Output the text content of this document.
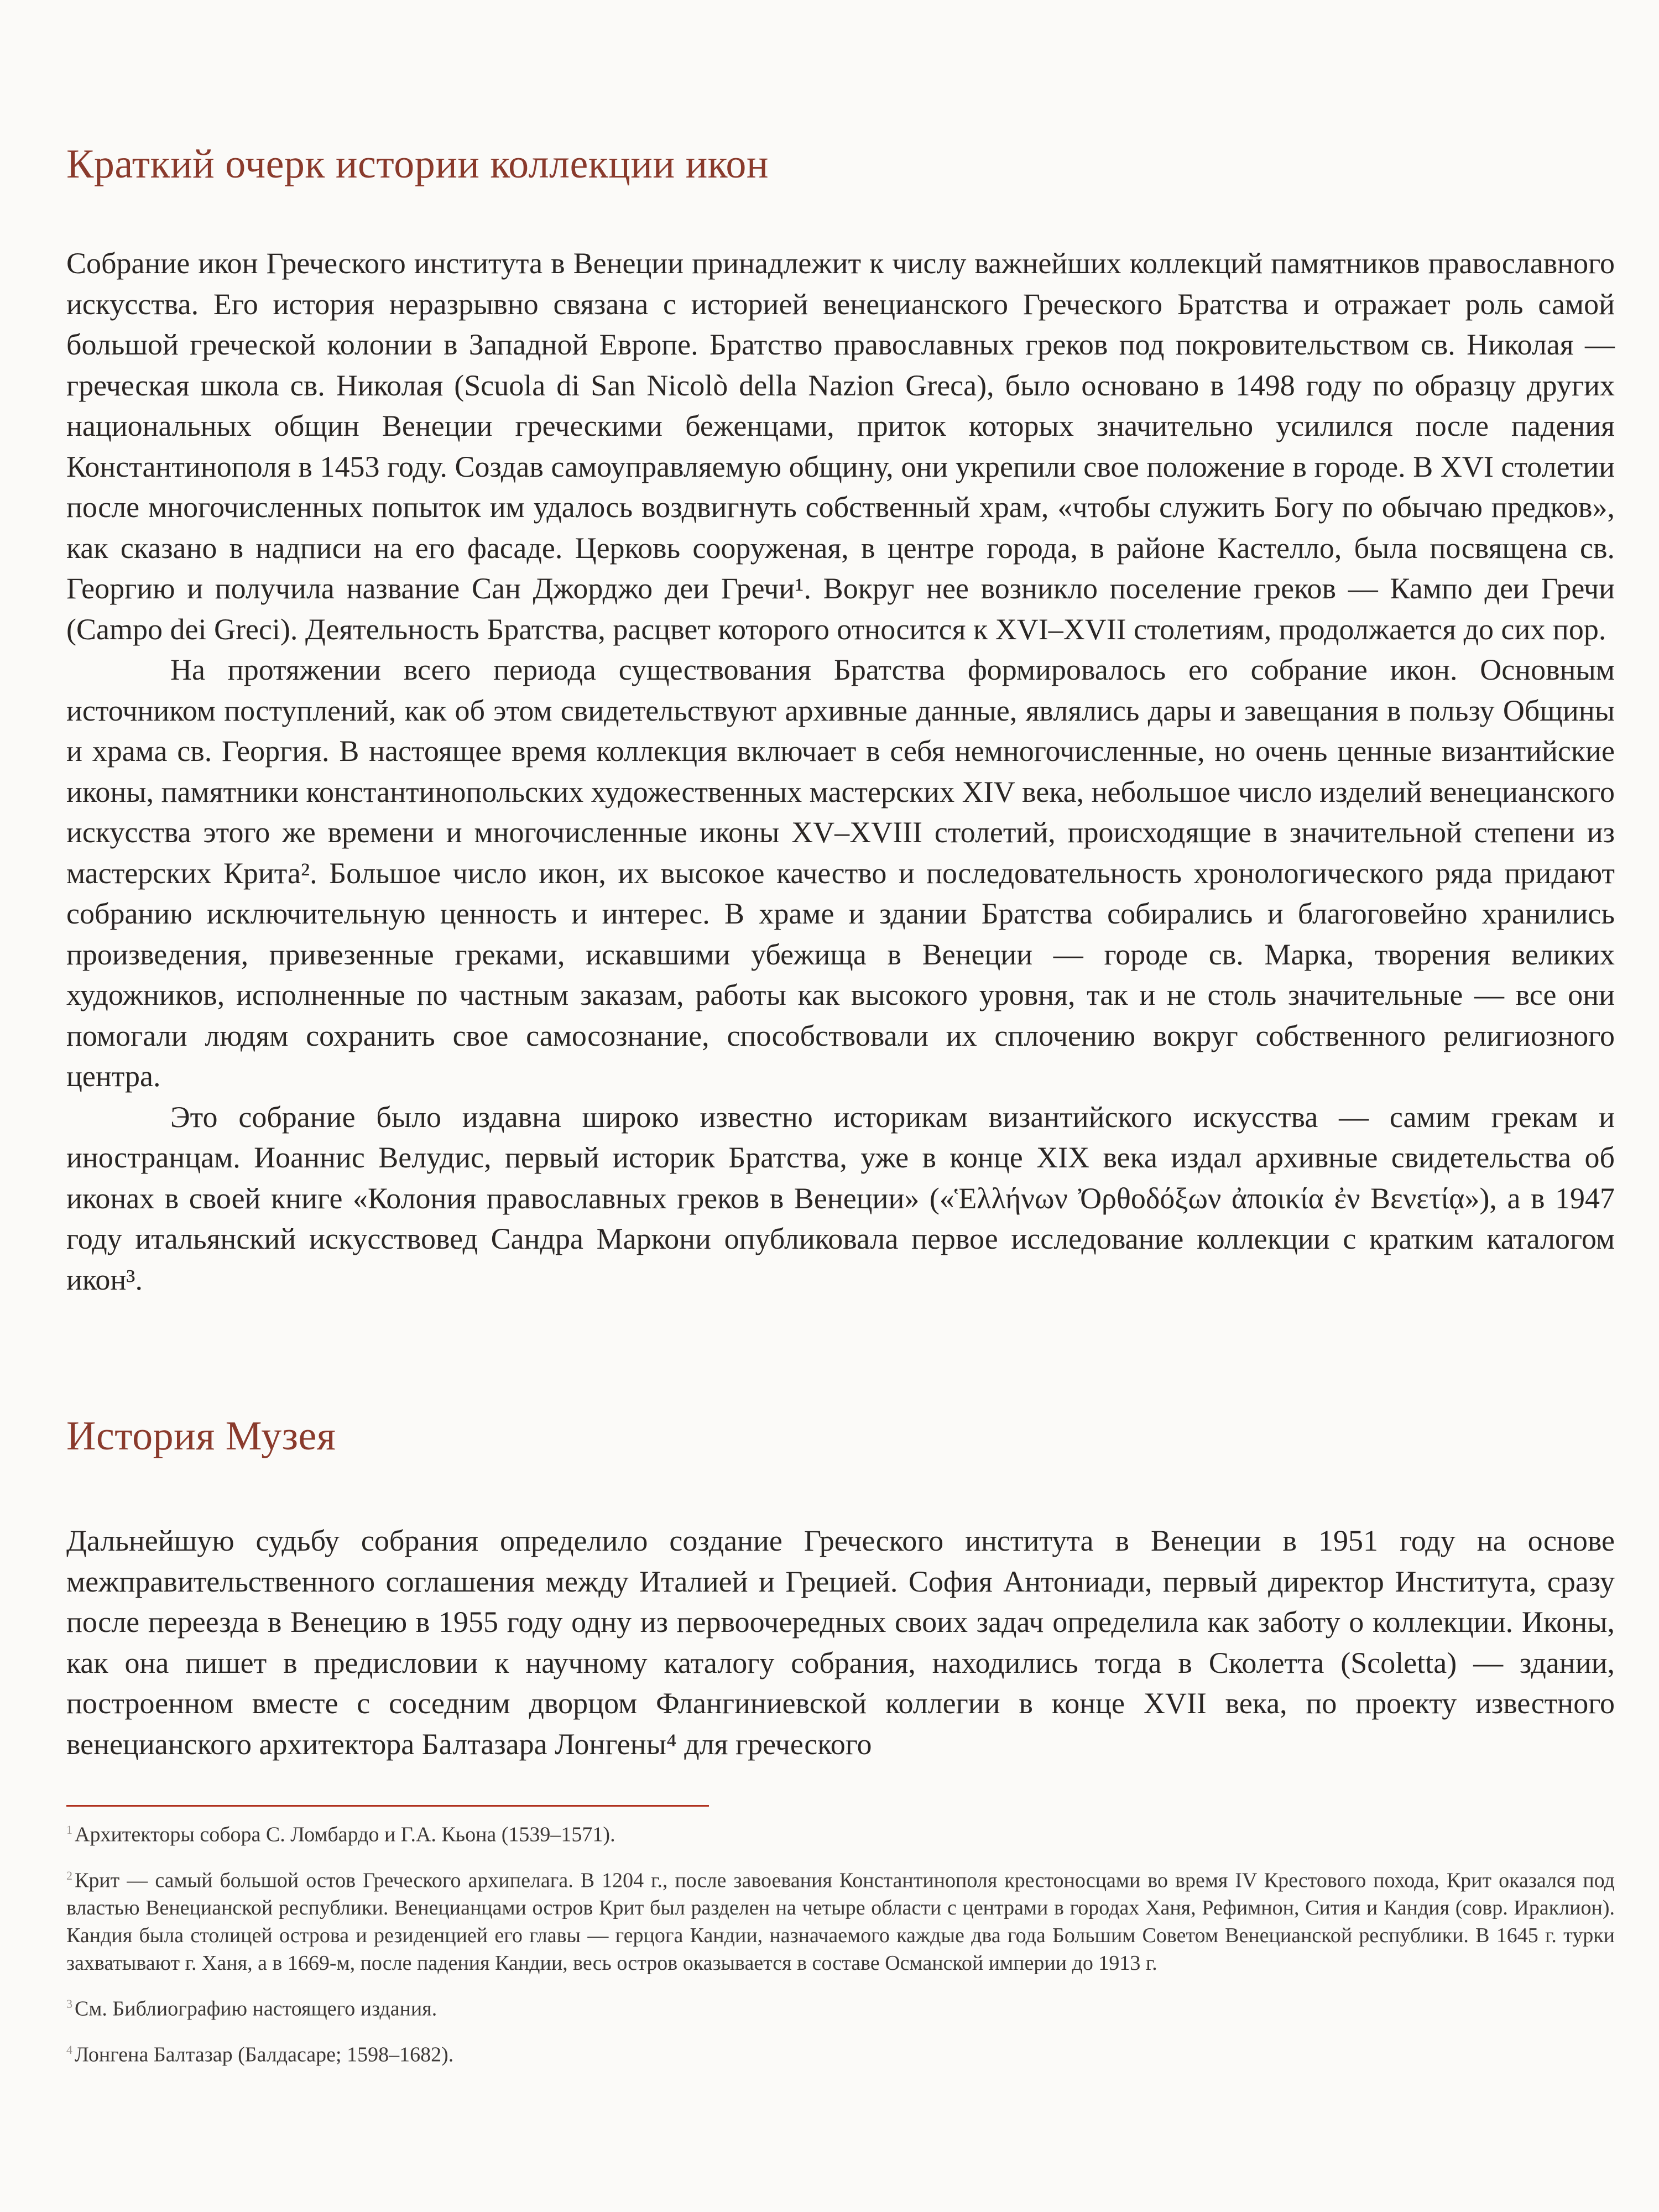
Краткий очерк истории коллекции икон

Собрание икон Греческого института в Венеции принадлежит к числу важнейших коллекций памятников православного искусства. Его история неразрывно связана с историей венецианского Греческого Братства и отражает роль самой большой греческой колонии в Западной Европе. Братство православных греков под покровительством св. Николая — греческая школа св. Николая (Scuola di San Nicolò della Nazion Greca), было основано в 1498 году по образцу других национальных общин Венеции греческими беженцами, приток которых значительно усилился после падения Константинополя в 1453 году. Создав самоуправляемую общину, они укрепили свое положение в городе. В XVI столетии после многочисленных попыток им удалось воздвигнуть собственный храм, «чтобы служить Богу по обычаю предков», как сказано в надписи на его фасаде. Церковь сооруженая, в центре города, в районе Кастелло, была посвящена св. Георгию и получила название Сан Джорджо деи Гречи¹. Вокруг нее возникло поселение греков — Кампо деи Гречи (Campo dei Greci). Деятельность Братства, расцвет которого относится к XVI–XVII столетиям, продолжается до сих пор.

На протяжении всего периода существования Братства формировалось его собрание икон. Основным источником поступлений, как об этом свидетельствуют архивные данные, являлись дары и завещания в пользу Общины и храма св. Георгия. В настоящее время коллекция включает в себя немногочисленные, но очень ценные византийские иконы, памятники константинопольских художественных мастерских XIV века, небольшое число изделий венецианского искусства этого же времени и многочисленные иконы XV–XVIII столетий, происходящие в значительной степени из мастерских Крита². Большое число икон, их высокое качество и последовательность хронологического ряда придают собранию исключительную ценность и интерес. В храме и здании Братства собирались и благоговейно хранились произведения, привезенные греками, искавшими убежища в Венеции — городе св. Марка, творения великих художников, исполненные по частным заказам, работы как высокого уровня, так и не столь значительные — все они помогали людям сохранить свое самосознание, способствовали их сплочению вокруг собственного религиозного центра.

Это собрание было издавна широко известно историкам византийского искусства — самим грекам и иностранцам. Иоаннис Велудис, первый историк Братства, уже в конце XIX века издал архивные свидетельства об иконах в своей книге «Колония православных греков в Венеции» («Ἑλλήνων Ὀρθοδόξων ἀποικία ἐν Βενετίᾳ»), а в 1947 году итальянский искусствовед Сандра Маркони опубликовала первое исследование коллекции с кратким каталогом икон³.

История Музея

Дальнейшую судьбу собрания определило создание Греческого института в Венеции в 1951 году на основе межправительственного соглашения между Италией и Грецией. София Антониади, первый директор Института, сразу после переезда в Венецию в 1955 году одну из первоочередных своих задач определила как заботу о коллекции. Иконы, как она пишет в предисловии к научному каталогу собрания, находились тогда в Сколетта (Scoletta) — здании, построенном вместе с соседним дворцом Флангиниевской коллегии в конце XVII века, по проекту известного венецианского архитектора Балтазара Лонгены⁴ для греческого

$^1$ Архитекторы собора С. Ломбардо и Г.А. Кьона (1539–1571).

$^2$ Крит — самый большой остов Греческого архипелага. В 1204 г., после завоевания Константинополя крестоносцами во время IV Крестового похода, Крит оказался под властью Венецианской республики. Венецианцами остров Крит был разделен на четыре области с центрами в городах Ханя, Рефимнон, Сития и Кандия (совр. Ираклион). Кандия была столицей острова и резиденцией его главы — герцога Кандии, назначаемого каждые два года Большим Советом Венецианской республики. В 1645 г. турки захватывают г. Ханя, а в 1669-м, после падения Кандии, весь остров оказывается в составе Османской империи до 1913 г.

$^3$ См. Библиографию настоящего издания.

$^4$ Лонгена Балтазар (Балдасаре; 1598–1682).
